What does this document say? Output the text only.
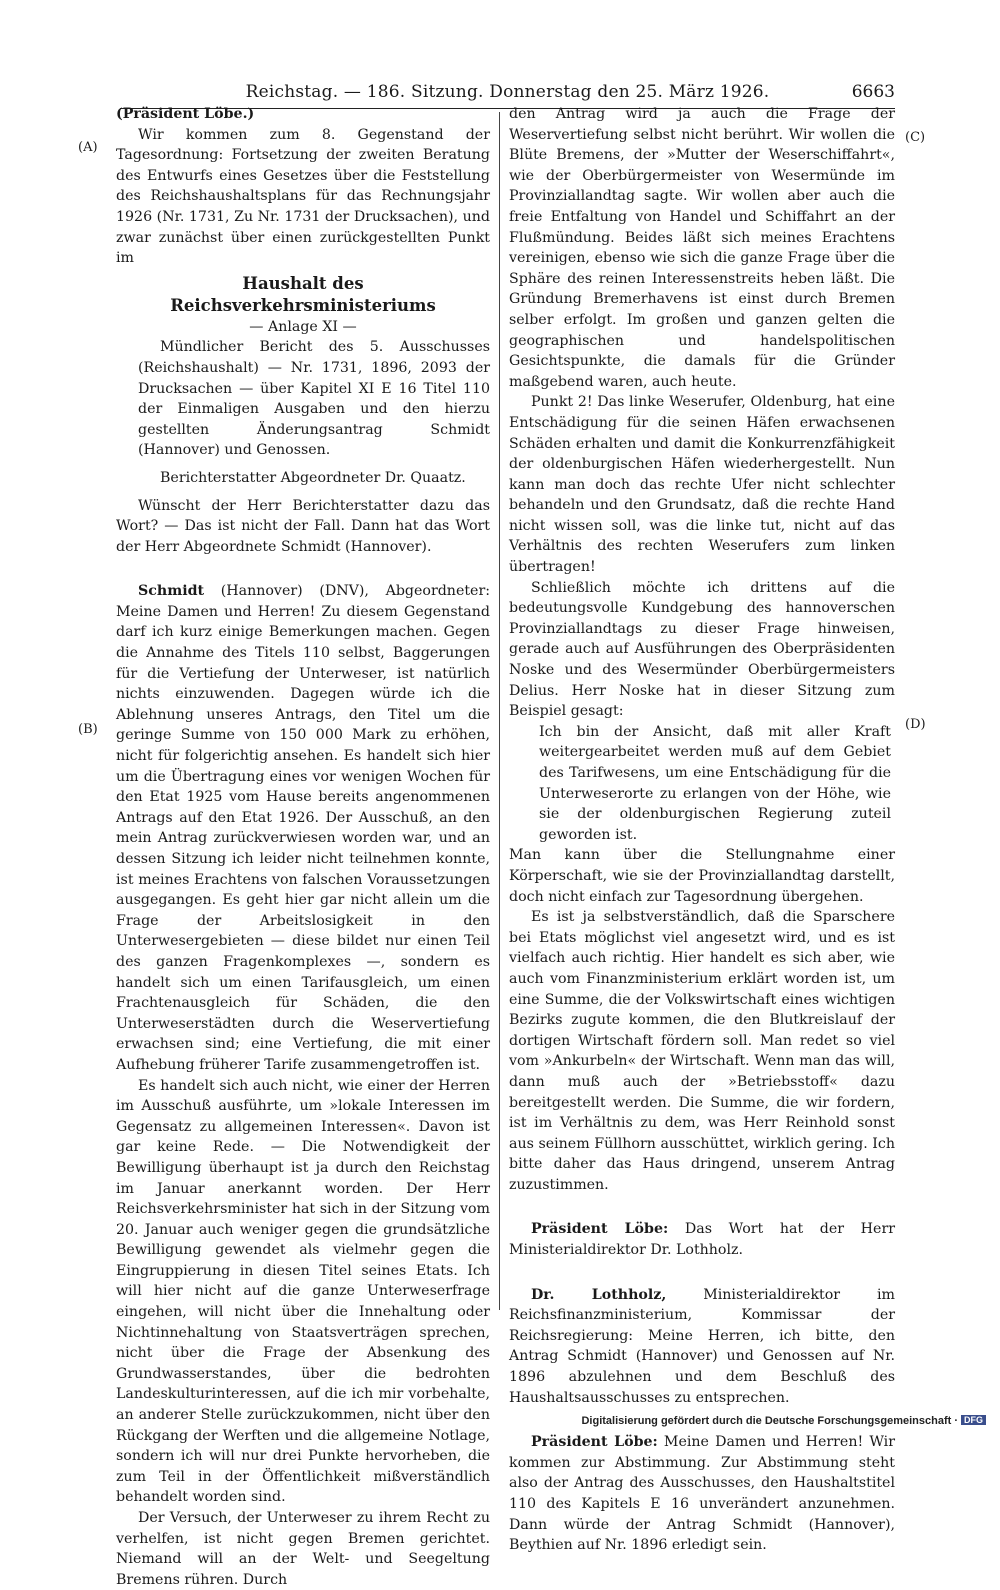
Reichstag. — 186. Sitzung. Donnerstag den 25. März 1926.	6663
(A)
(B)
(C)
(D)

(Präsident Löbe.)

Wir kommen zum 8. Gegenstand der Tagesordnung: Fortsetzung der zweiten Beratung des Entwurfs eines Gesetzes über die Feststellung des Reichshaushaltsplans für das Rechnungsjahr 1926 (Nr. 1731, Zu Nr. 1731 der Drucksachen), und zwar zunächst über einen zurückgestellten Punkt im

Haushalt des Reichsverkehrsministeriums

— Anlage XI —

Mündlicher Bericht des 5. Ausschusses (Reichshaushalt) — Nr. 1731, 1896, 2093 der Drucksachen — über Kapitel XI E 16 Titel 110 der Einmaligen Ausgaben und den hierzu gestellten Änderungsantrag Schmidt (Hannover) und Genossen.

Berichterstatter Abgeordneter Dr. Quaatz.

Wünscht der Herr Berichterstatter dazu das Wort? — Das ist nicht der Fall. Dann hat das Wort der Herr Abgeordnete Schmidt (Hannover).

Schmidt (Hannover) (DNV), Abgeordneter: Meine Damen und Herren! Zu diesem Gegenstand darf ich kurz einige Bemerkungen machen. Gegen die Annahme des Titels 110 selbst, Baggerungen für die Vertiefung der Unterweser, ist natürlich nichts einzuwenden. Dagegen würde ich die Ablehnung unseres Antrags, den Titel um die geringe Summe von 150 000 Mark zu erhöhen, nicht für folgerichtig ansehen. Es handelt sich hier um die Übertragung eines vor wenigen Wochen für den Etat 1925 vom Hause bereits angenommenen Antrags auf den Etat 1926. Der Ausschuß, an den mein Antrag zurückverwiesen worden war, und an dessen Sitzung ich leider nicht teilnehmen konnte, ist meines Erachtens von falschen Voraussetzungen ausgegangen. Es geht hier gar nicht allein um die Frage der Arbeitslosigkeit in den Unterwesergebieten — diese bildet nur einen Teil des ganzen Fragenkomplexes —, sondern es handelt sich um einen Tarifausgleich, um einen Frachtenausgleich für Schäden, die den Unterweserstädten durch die Weservertiefung erwachsen sind; eine Vertiefung, die mit einer Aufhebung früherer Tarife zusammengetroffen ist.

Es handelt sich auch nicht, wie einer der Herren im Ausschuß ausführte, um »lokale Interessen im Gegensatz zu allgemeinen Interessen«. Davon ist gar keine Rede. — Die Notwendigkeit der Bewilligung überhaupt ist ja durch den Reichstag im Januar anerkannt worden. Der Herr Reichsverkehrsminister hat sich in der Sitzung vom 20. Januar auch weniger gegen die grundsätzliche Bewilligung gewendet als vielmehr gegen die Eingruppierung in diesen Titel seines Etats. Ich will hier nicht auf die ganze Unterweserfrage eingehen, will nicht über die Innehaltung oder Nichtinnehaltung von Staatsverträgen sprechen, nicht über die Frage der Absenkung des Grundwasserstandes, über die bedrohten Landeskulturinteressen, auf die ich mir vorbehalte, an anderer Stelle zurückzukommen, nicht über den Rückgang der Werften und die allgemeine Notlage, sondern ich will nur drei Punkte hervorheben, die zum Teil in der Öffentlichkeit mißverständlich behandelt worden sind.

Der Versuch, der Unterweser zu ihrem Recht zu verhelfen, ist nicht gegen Bremen gerichtet. Niemand will an der Welt- und Seegeltung Bremens rühren. Durch

den Antrag wird ja auch die Frage der Weservertiefung selbst nicht berührt. Wir wollen die Blüte Bremens, der »Mutter der Weserschiffahrt«, wie der Oberbürgermeister von Wesermünde im Provinziallandtag sagte. Wir wollen aber auch die freie Entfaltung von Handel und Schiffahrt an der Flußmündung. Beides läßt sich meines Erachtens vereinigen, ebenso wie sich die ganze Frage über die Sphäre des reinen Interessenstreits heben läßt. Die Gründung Bremerhavens ist einst durch Bremen selber erfolgt. Im großen und ganzen gelten die geographischen und handelspolitischen Gesichtspunkte, die damals für die Gründer maßgebend waren, auch heute.

Punkt 2! Das linke Weserufer, Oldenburg, hat eine Entschädigung für die seinen Häfen erwachsenen Schäden erhalten und damit die Konkurrenzfähigkeit der oldenburgischen Häfen wiederhergestellt. Nun kann man doch das rechte Ufer nicht schlechter behandeln und den Grundsatz, daß die rechte Hand nicht wissen soll, was die linke tut, nicht auf das Verhältnis des rechten Weserufers zum linken übertragen!

Schließlich möchte ich drittens auf die bedeutungsvolle Kundgebung des hannoverschen Provinziallandtags zu dieser Frage hinweisen, gerade auch auf Ausführungen des Oberpräsidenten Noske und des Wesermünder Oberbürgermeisters Delius. Herr Noske hat in dieser Sitzung zum Beispiel gesagt:

Ich bin der Ansicht, daß mit aller Kraft weitergearbeitet werden muß auf dem Gebiet des Tarifwesens, um eine Entschädigung für die Unterweserorte zu erlangen von der Höhe, wie sie der oldenburgischen Regierung zuteil geworden ist.

Man kann über die Stellungnahme einer Körperschaft, wie sie der Provinziallandtag darstellt, doch nicht einfach zur Tagesordnung übergehen.

Es ist ja selbstverständlich, daß die Sparschere bei Etats möglichst viel angesetzt wird, und es ist vielfach auch richtig. Hier handelt es sich aber, wie auch vom Finanzministerium erklärt worden ist, um eine Summe, die der Volkswirtschaft eines wichtigen Bezirks zugute kommen, die den Blutkreislauf der dortigen Wirtschaft fördern soll. Man redet so viel vom »Ankurbeln« der Wirtschaft. Wenn man das will, dann muß auch der »Betriebsstoff« dazu bereitgestellt werden. Die Summe, die wir fordern, ist im Verhältnis zu dem, was Herr Reinhold sonst aus seinem Füllhorn ausschüttet, wirklich gering. Ich bitte daher das Haus dringend, unserem Antrag zuzustimmen.

Präsident Löbe: Das Wort hat der Herr Ministerialdirektor Dr. Lothholz.

Dr. Lothholz,	Ministerialdirektor im Reichsfinanzministerium, Kommissar der Reichsregierung: Meine Herren, ich bitte, den Antrag Schmidt (Hannover) und Genossen auf Nr. 1896 abzulehnen und dem Beschluß des Haushaltsausschusses zu entsprechen.

Präsident Löbe: Meine Damen und Herren! Wir kommen zur Abstimmung. Zur Abstimmung steht also der Antrag des Ausschusses, den Haushaltstitel 110 des Kapitels E 16 unverändert anzunehmen. Dann würde der Antrag Schmidt (Hannover), Beythien auf Nr. 1896 erledigt sein.

Digitalisierung gefördert durch die Deutsche Forschungsgemeinschaft · DFG
